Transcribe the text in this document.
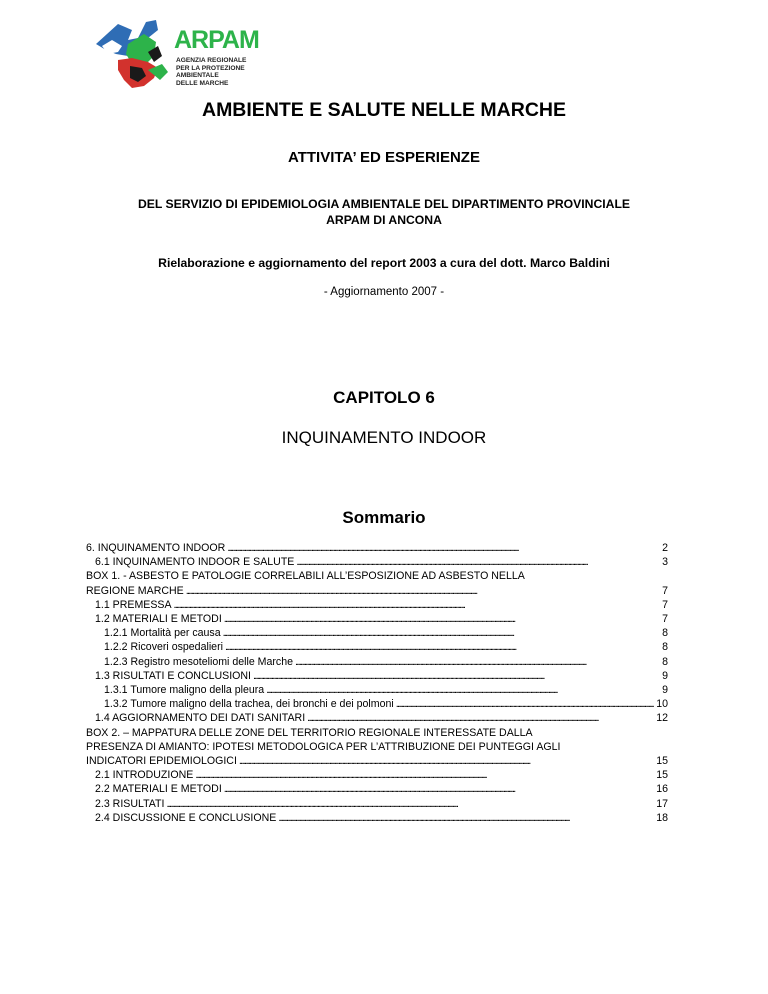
ARPAM
AGENZIA REGIONALE
PER LA PROTEZIONE AMBIENTALE
DELLE MARCHE
AMBIENTE E SALUTE NELLE MARCHE
ATTIVITA’ ED ESPERIENZE
DEL SERVIZIO DI EPIDEMIOLOGIA AMBIENTALE DEL DIPARTIMENTO PROVINCIALE
ARPAM DI ANCONA
Rielaborazione e aggiornamento del report 2003 a cura del dott. Marco Baldini
- Aggiornamento 2007 -
CAPITOLO 6
INQUINAMENTO INDOOR
Sommario
6. INQUINAMENTO INDOOR . . .	2
6.1 INQUINAMENTO INDOOR E SALUTE . . .	3
BOX 1. - ASBESTO E PATOLOGIE CORRELABILI ALL’ESPOSIZIONE AD ASBESTO NELLA
REGIONE MARCHE . . .	7
1.1 PREMESSA . . .	7
1.2 MATERIALI E METODI . . .	7
1.2.1 Mortalità per causa . . .	8
1.2.2 Ricoveri ospedalieri . . .	8
1.2.3 Registro mesoteliomi delle Marche . . .	8
1.3 RISULTATI E CONCLUSIONI . . .	9
1.3.1 Tumore maligno della pleura . . .	9
1.3.2 Tumore maligno della trachea, dei bronchi e dei polmoni . . .	10
1.4 AGGIORNAMENTO DEI DATI SANITARI . . .	12
BOX 2. – MAPPATURA DELLE ZONE DEL TERRITORIO REGIONALE INTERESSATE DALLA
PRESENZA DI AMIANTO: IPOTESI METODOLOGICA PER L’ATTRIBUZIONE DEI PUNTEGGI AGLI
INDICATORI EPIDEMIOLOGICI . . .	15
2.1 INTRODUZIONE . . .	15
2.2 MATERIALI E METODI . . .	16
2.3 RISULTATI . . .	17
2.4 DISCUSSIONE E CONCLUSIONE . . .	18
